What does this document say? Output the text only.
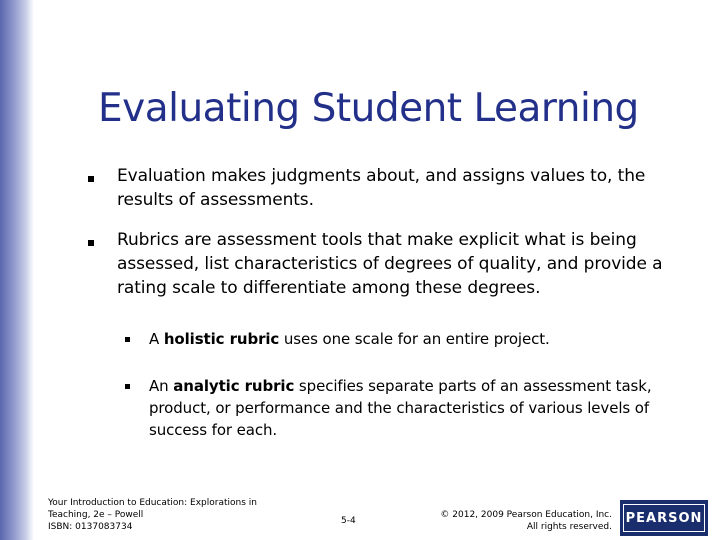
Evaluating Student Learning
Evaluation makes judgments about, and assigns values to, the results of assessments.
Rubrics are assessment tools that make explicit what is being assessed, list characteristics of degrees of quality, and provide a rating scale to differentiate among these degrees.
A holistic rubric uses one scale for an entire project.
An analytic rubric specifies separate parts of an assessment task, product, or performance and the characteristics of various levels of success for each.
Your Introduction to Education: Explorations in
Teaching, 2e – Powell
ISBN: 0137083734
5-4
© 2012, 2009 Pearson Education, Inc.
All rights reserved.
PEARSON
